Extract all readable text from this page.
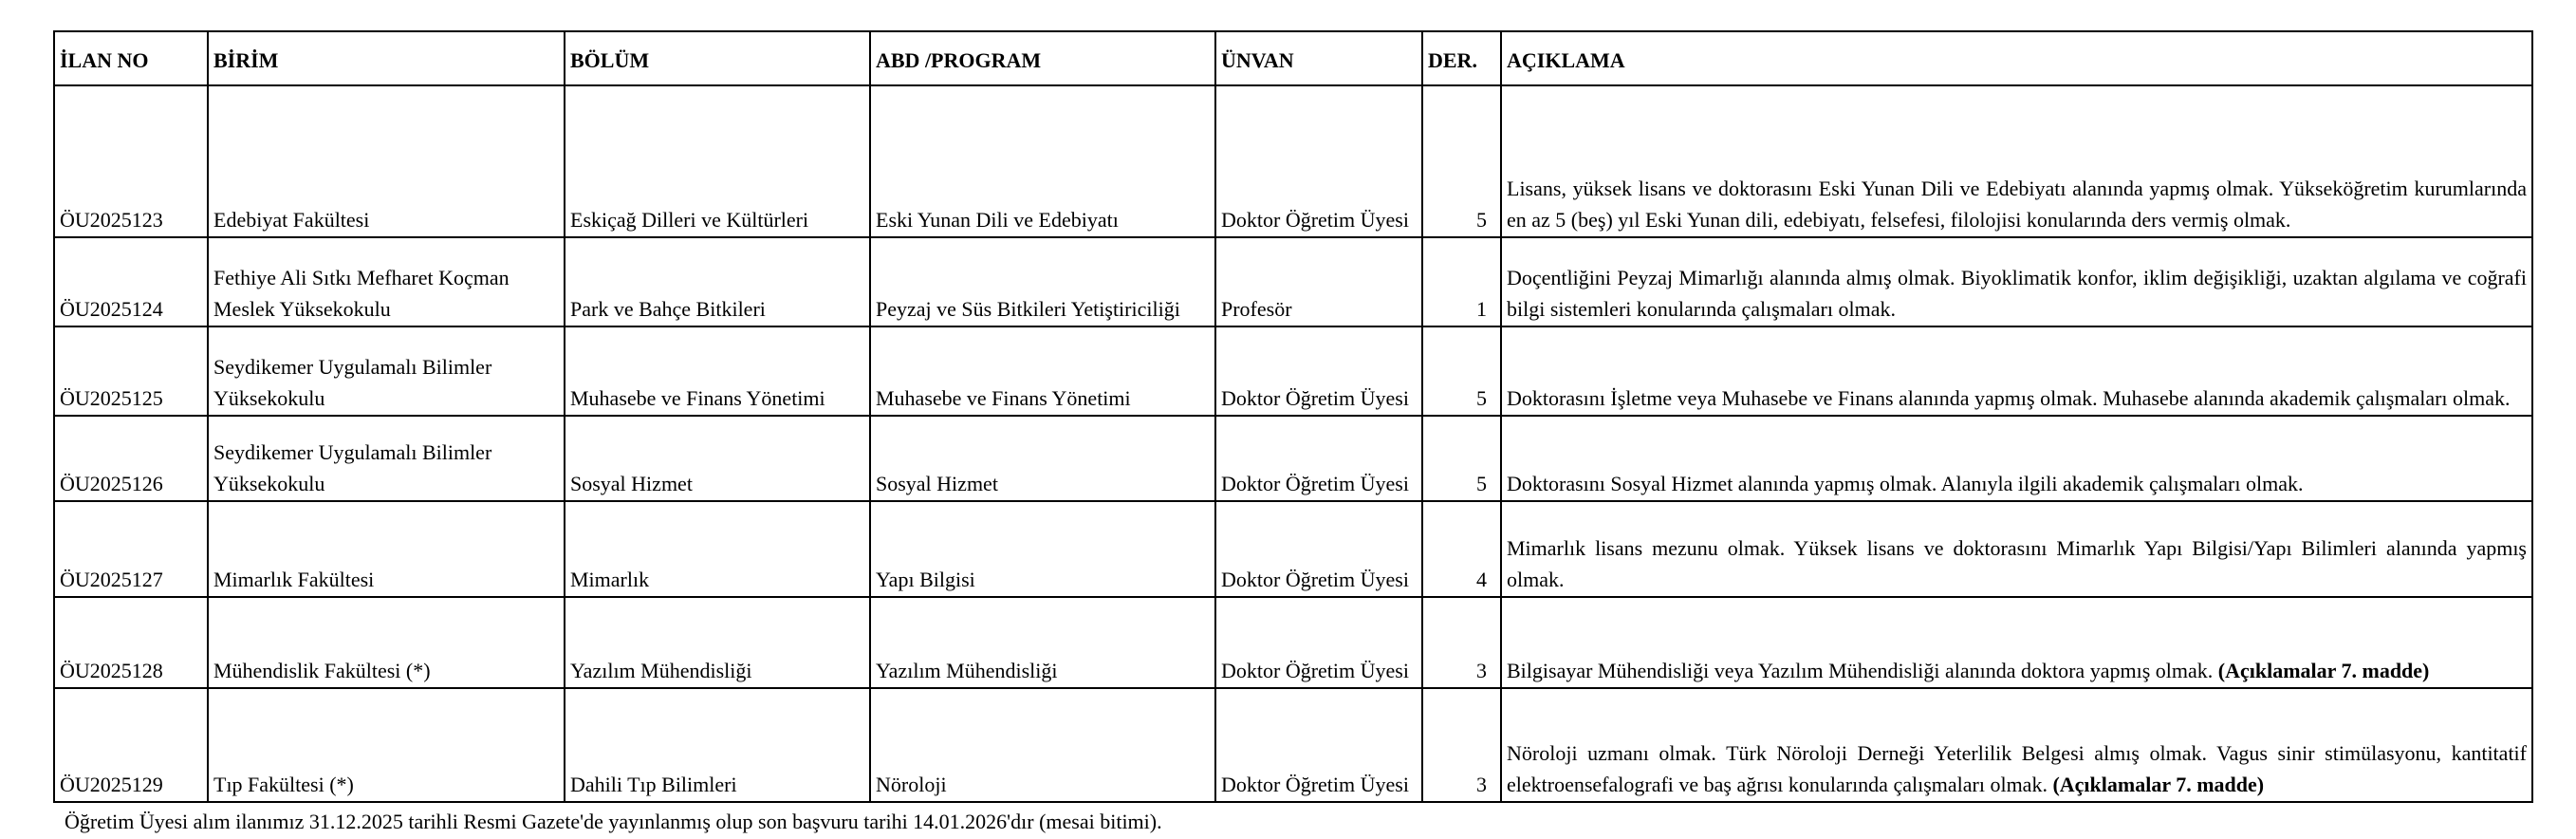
İLAN NO	BİRİM	BÖLÜM	ABD /PROGRAM	ÜNVAN	DER.	AÇIKLAMA
ÖU2025123	Edebiyat Fakültesi	Eskiçağ Dilleri ve Kültürleri	Eski Yunan Dili ve Edebiyatı	Doktor Öğretim Üyesi	5	Lisans, yüksek lisans ve doktorasını Eski Yunan Dili ve Edebiyatı alanında yapmış olmak. Yükseköğretim kurumlarında en az 5 (beş) yıl Eski Yunan dili, edebiyatı, felsefesi, filolojisi konularında ders vermiş olmak.
ÖU2025124	Fethiye Ali Sıtkı Mefharet Koçman Meslek Yüksekokulu	Park ve Bahçe Bitkileri	Peyzaj ve Süs Bitkileri Yetiştiriciliği	Profesör	1	Doçentliğini Peyzaj Mimarlığı alanında almış olmak. Biyoklimatik konfor, iklim değişikliği, uzaktan algılama ve coğrafi bilgi sistemleri konularında çalışmaları olmak.
ÖU2025125	Seydikemer Uygulamalı Bilimler Yüksekokulu	Muhasebe ve Finans Yönetimi	Muhasebe ve Finans Yönetimi	Doktor Öğretim Üyesi	5	Doktorasını İşletme veya Muhasebe ve Finans alanında yapmış olmak. Muhasebe alanında akademik çalışmaları olmak.
ÖU2025126	Seydikemer Uygulamalı Bilimler Yüksekokulu	Sosyal Hizmet	Sosyal Hizmet	Doktor Öğretim Üyesi	5	Doktorasını Sosyal Hizmet alanında yapmış olmak. Alanıyla ilgili akademik çalışmaları olmak.
ÖU2025127	Mimarlık Fakültesi	Mimarlık	Yapı Bilgisi	Doktor Öğretim Üyesi	4	Mimarlık lisans mezunu olmak. Yüksek lisans ve doktorasını Mimarlık Yapı Bilgisi/Yapı Bilimleri alanında yapmış olmak.
ÖU2025128	Mühendislik Fakültesi (*)	Yazılım Mühendisliği	Yazılım Mühendisliği	Doktor Öğretim Üyesi	3	Bilgisayar Mühendisliği veya Yazılım Mühendisliği alanında doktora yapmış olmak. (Açıklamalar 7. madde)
ÖU2025129	Tıp Fakültesi (*)	Dahili Tıp Bilimleri	Nöroloji	Doktor Öğretim Üyesi	3	Nöroloji uzmanı olmak. Türk Nöroloji Derneği Yeterlilik Belgesi almış olmak. Vagus sinir stimülasyonu, kantitatif elektroensefalografi ve baş ağrısı konularında çalışmaları olmak. (Açıklamalar 7. madde)
Öğretim Üyesi alım ilanımız 31.12.2025 tarihli Resmi Gazete'de yayınlanmış olup son başvuru tarihi 14.01.2026'dır (mesai bitimi).
